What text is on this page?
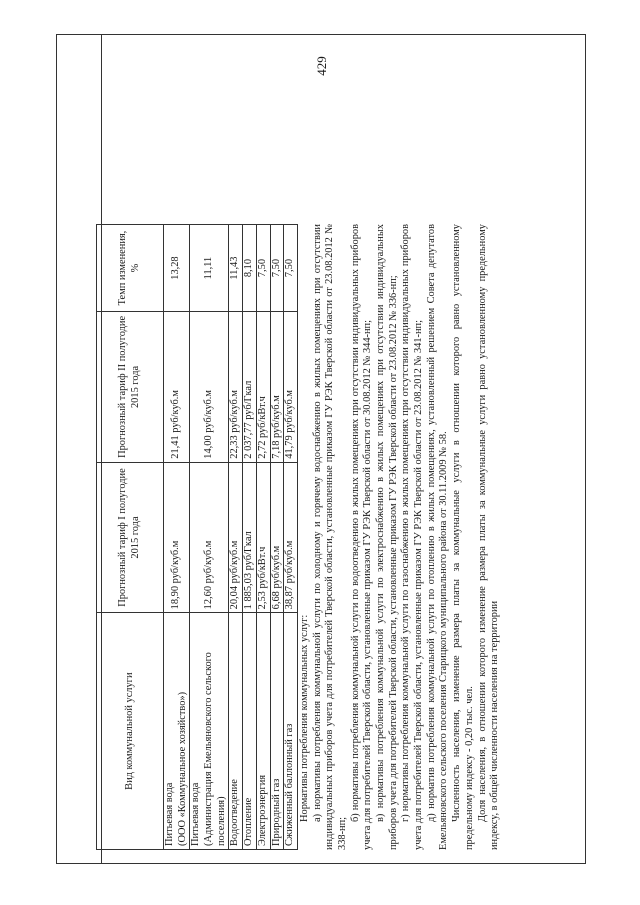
429
Вид коммунальной услуги	Прогнозный тариф I полугодие 2015 года	Прогнозный тариф II полугодие 2015 года	Темп изменения, %
Питьевая вода (ООО «Коммунальное хозяйство»)	18,90 руб/куб.м	21,41 руб/куб.м	13,28
Питьевая вода (Администрация Емельяновского сельского поселения)	12,60 руб/куб.м	14,00 руб/куб.м	11,11
Водоотведение	20,04 руб/куб.м	22,33 руб/куб.м	11,43
Отопление	1 885,03 руб/Гкал	2 037,77 руб/Гкал	8,10
Электроэнергия	2,53 руб/кВт.ч	2,72 руб/кВт.ч	7,50
Природный газ	6,68 руб/куб.м	7,18 руб/куб.м	7,50
Сжиженный баллонный газ	38,87 руб/куб.м	41,79 руб/куб.м	7,50

Нормативы потребления коммунальных услуг: а) нормативы потребления коммунальной услуги по холодному и горячему водоснабжению в жилых помещениях при отсутствии индивидуальных приборов учета для потребителей Тверской области, установленные приказом ГУ РЭК Тверской области от 23.08.2012 № 338-нп;

б) нормативы потребления коммунальной услуги по водоотведению в жилых помещениях при отсутствии индивидуальных приборов учета для потребителей Тверской области, установленные приказом ГУ РЭК Тверской области от 30.08.2012 № 344-нп; в) нормативы потребления коммунальной услуги по электроснабжению в жилых помещениях при отсутствии индивидуальных приборов учета для потребителей Тверской области, установленные приказом ГУ РЭК Тверской области от 23.08.2012 № 336-нп; г) нормативы потребления коммунальной услуги по газоснабжению в жилых помещениях при отсутствии индивидуальных приборов учета для потребителей Тверской области, установленные приказом ГУ РЭК Тверской области от 23.08.2012 № 341-нп; д) норматив потребления коммунальной услуги по отоплению в жилых помещениях, установленный решением Совета депутатов Емельяновского сельского поселения Старицкого муниципального района от 30.11.2009 № 58. Численность населения, изменение размера платы за коммунальные услуги в отношении которого равно установленному предельному индексу - 0,20 тыс. чел. Доля населения, в отношении которого изменение размера платы за коммунальные услуги равно установленному предельному индексу, в общей численности населения на территории
